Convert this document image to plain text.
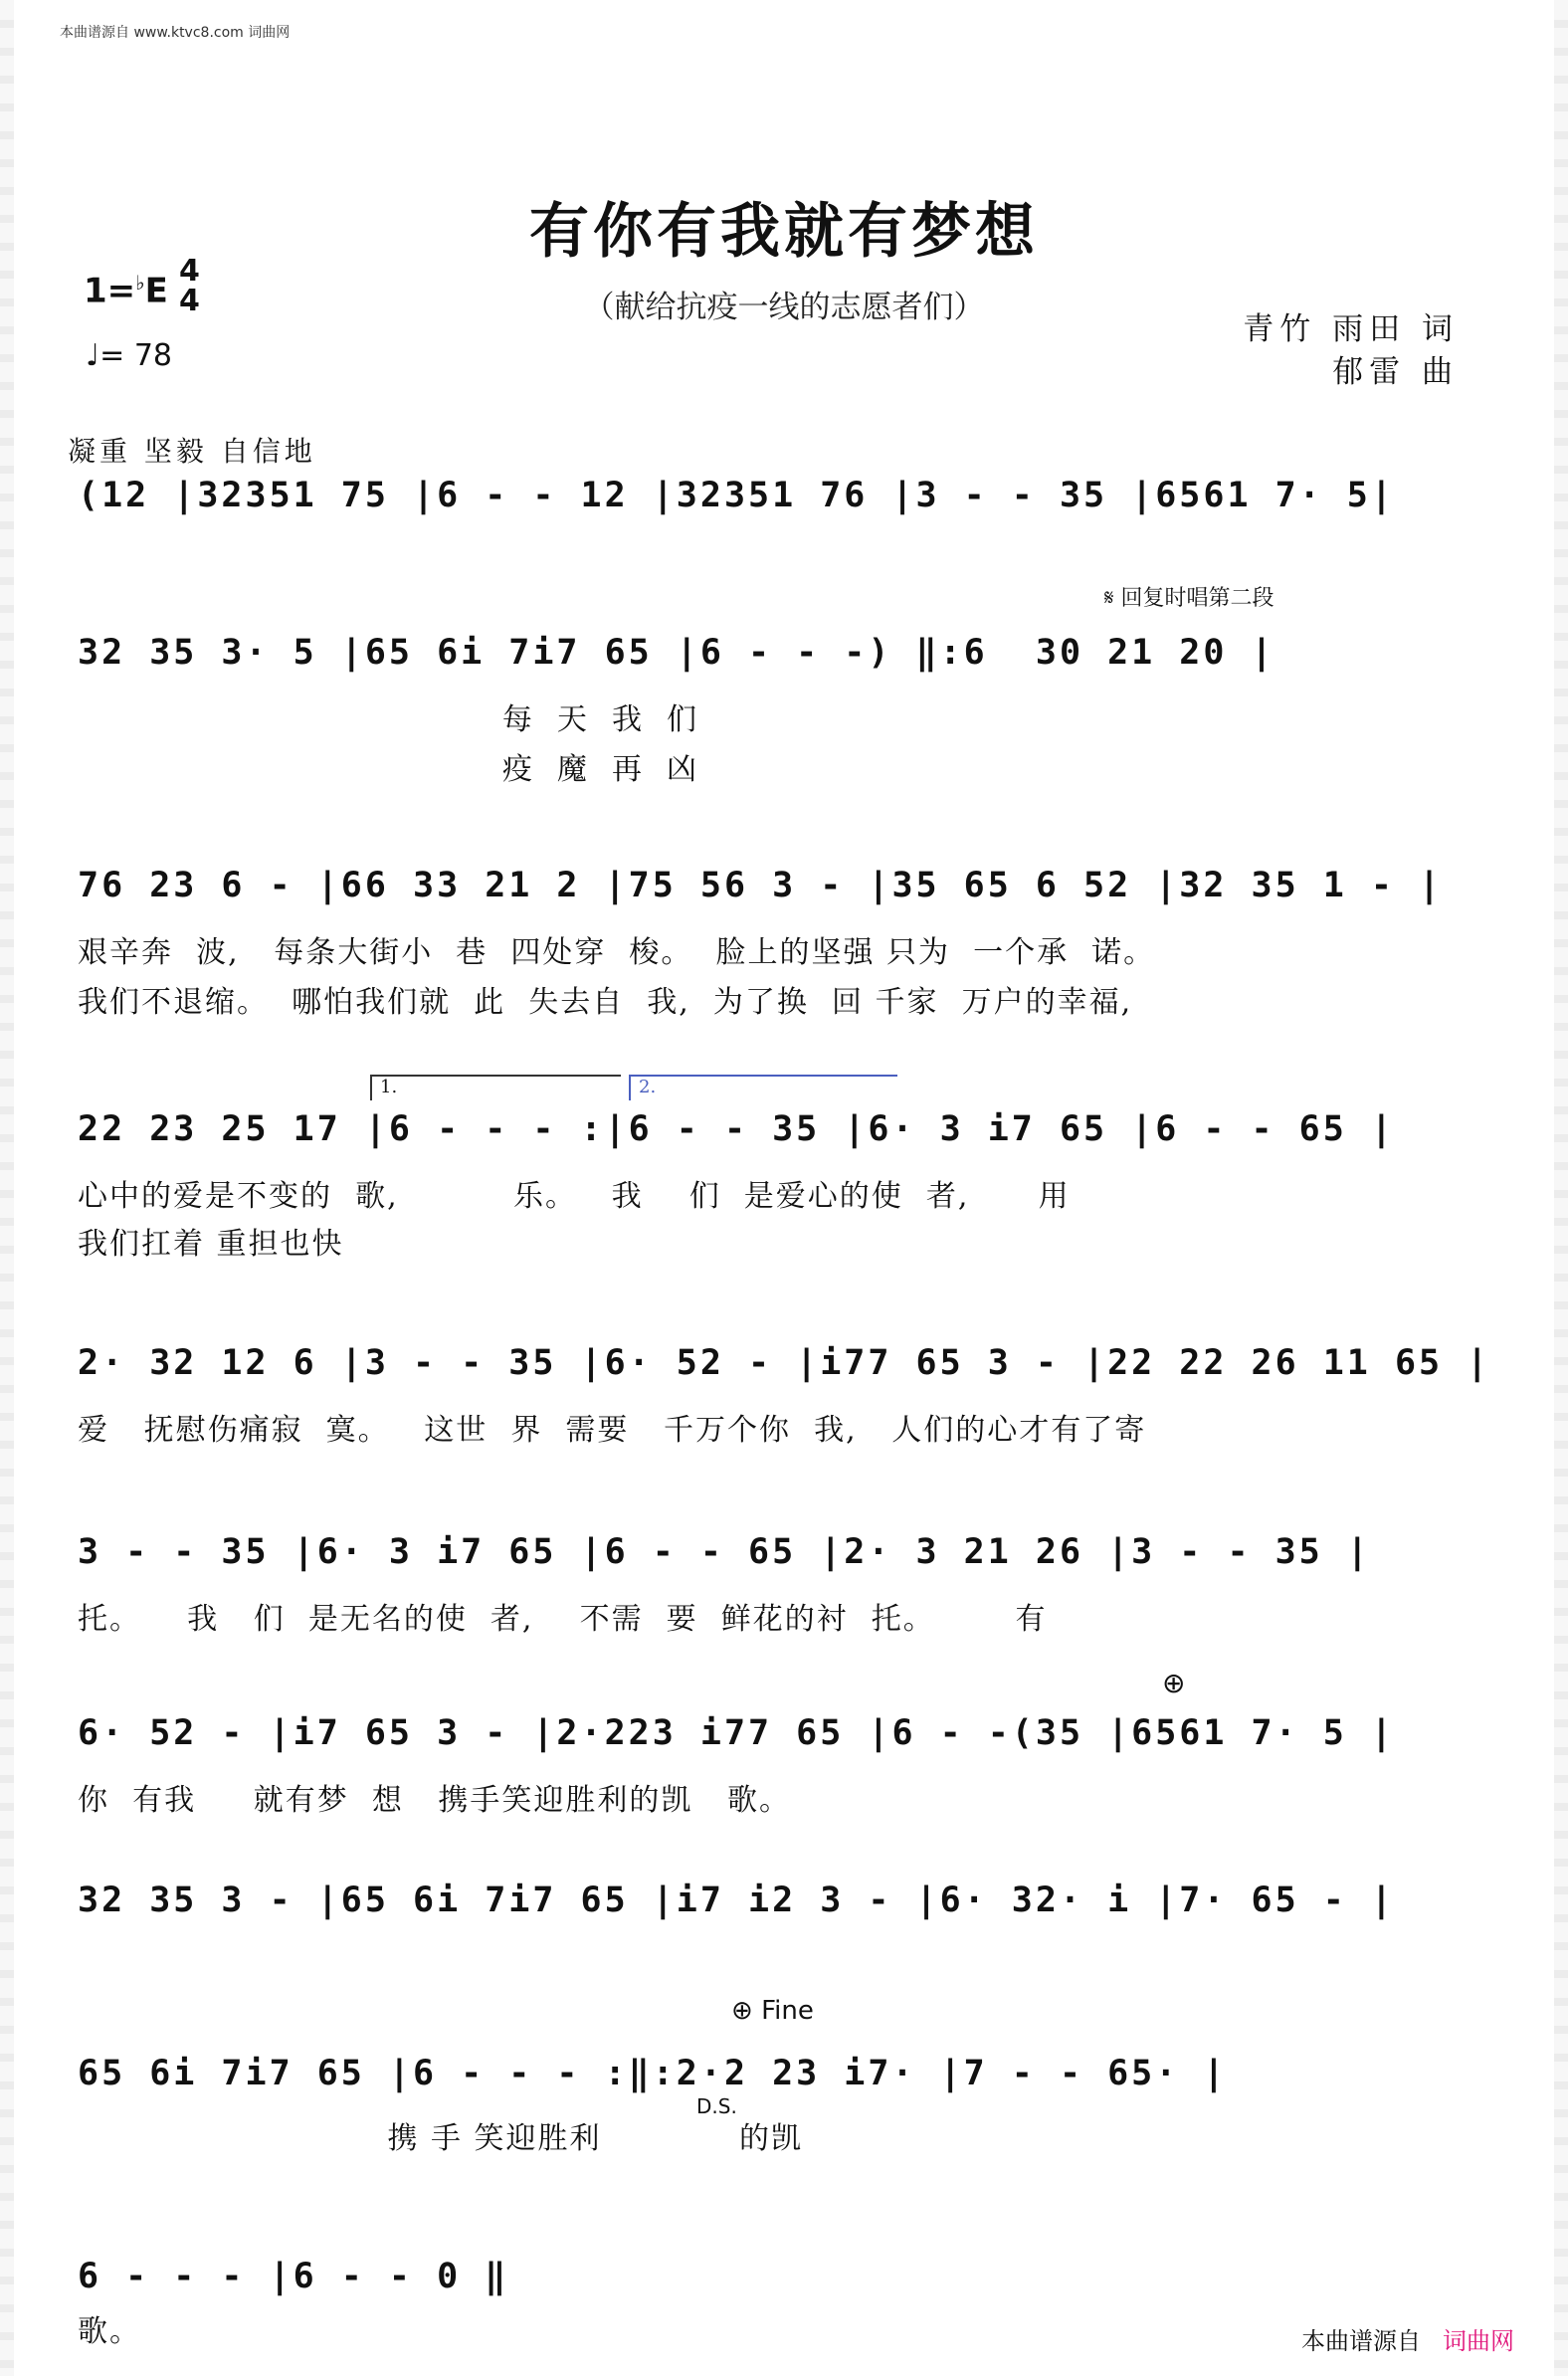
本曲谱源自 www.ktvc8.com 词曲网
有你有我就有梦想
（献给抗疫一线的志愿者们）
1=♭E 4
4
♩= 78
青竹 雨田 词
郁雷 曲
凝重 坚毅 自信地
(12 |32351 75 |6 - - 12 |32351 76 |3 - - 35 |6561 7· 5|
𝄋 回复时唱第二段
32 35 3· 5 |65 6i 7i7 65 |6 - - -) ‖:6  30 21 20 |
每  天  我  们
疫  魔  再  凶
76 23 6 - |66 33 21 2 |75 56 3 - |35 65 6 52 |32 35 1 - |
艰辛奔  波,   每条大街小  巷  四处穿  梭。  脸上的坚强 只为  一个承  诺。
我们不退缩。  哪怕我们就  此  失去自  我,  为了换  回 千家  万户的幸福,
1.	2.
22 23 25 17 |6 - - - :|6 - - 35 |6· 3 i7 65 |6 - - 65 |
心中的爱是不变的  歌,          乐。   我    们  是爱心的使  者,      用
我们扛着 重担也快
2· 32 12 6 |3 - - 35 |6· 52 - |i77 65 3 - |22 22 26 11 65 |
爱   抚慰伤痛寂  寞。   这世  界  需要   千万个你  我,   人们的心才有了寄
3 - - 35 |6· 3 i7 65 |6 - - 65 |2· 3 21 26 |3 - - 35 |
托。    我   们  是无名的使  者,    不需  要  鲜花的衬  托。       有
⊕
6· 52 - |i7 65 3 - |2·223 i77 65 |6 - -(35 |6561 7· 5 |
你  有我     就有梦  想   携手笑迎胜利的凯   歌。
32 35 3 - |65 6i 7i7 65 |i7 i2 3 - |6· 32· i |7· 65 - |
⊕ Fine
D.S.
65 6i 7i7 65 |6 - - - :‖:2·2 23 i7· |7 - - 65· |
携 手 笑迎胜利            的凯
6 - - - |6 - - 0 ‖
歌。	本曲谱源自 词曲网
